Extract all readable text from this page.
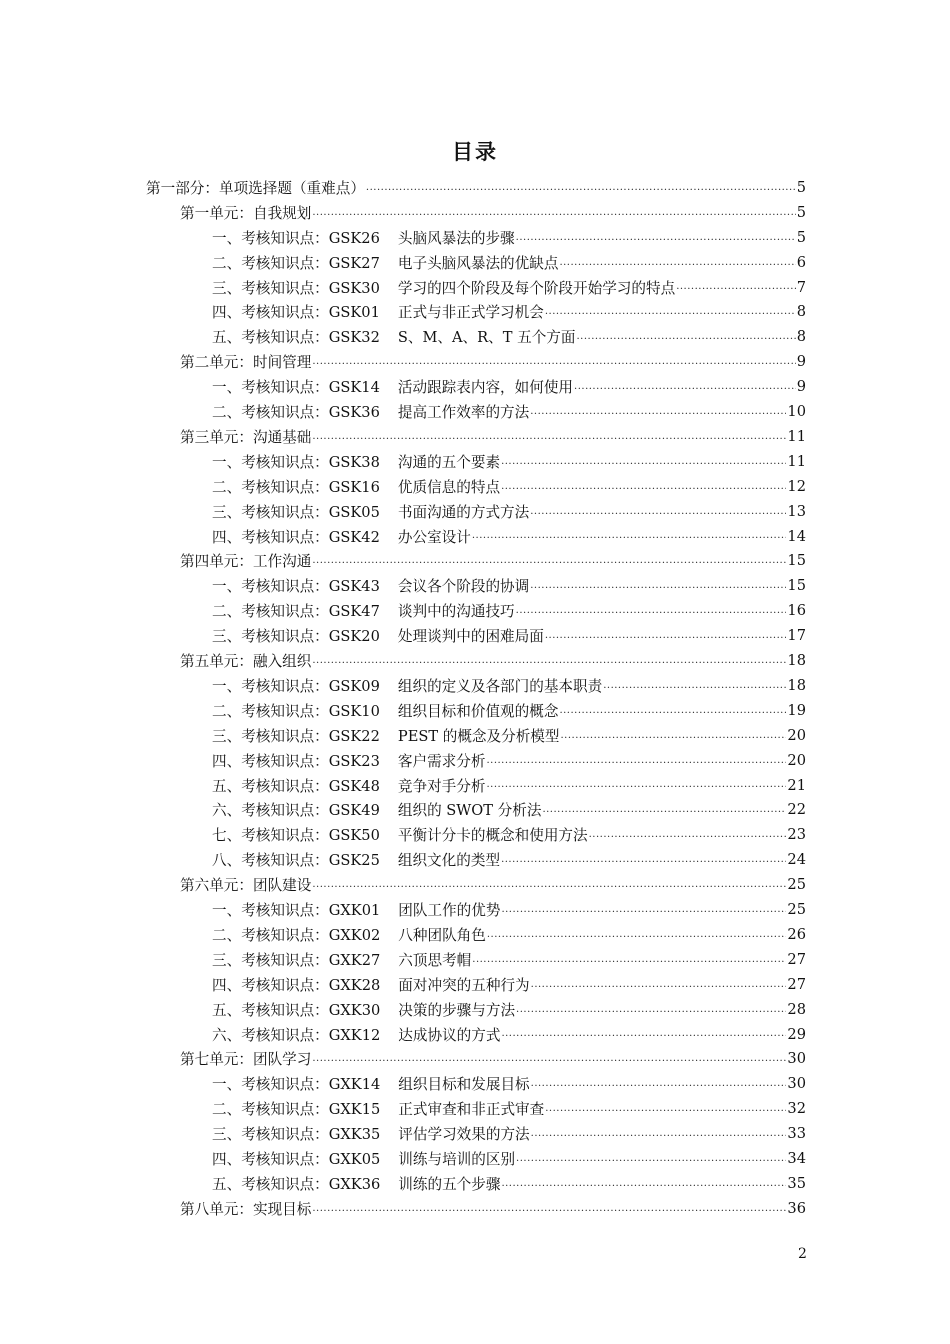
目录
第一部分：单项选择题（重难点） .....	5
第一单元：自我规划 .....	5
一、考核知识点：GSK26 头脑风暴法的步骤 .....	5
二、考核知识点：GSK27 电子头脑风暴法的优缺点 .....	6
三、考核知识点：GSK30 学习的四个阶段及每个阶段开始学习的特点 .....	7
四、考核知识点：GSK01 正式与非正式学习机会 .....	8
五、考核知识点：GSK32 S、M、A、R、T 五个方面 .....	8
第二单元：时间管理 .....	9
一、考核知识点：GSK14 活动跟踪表内容，如何使用 .....	9
二、考核知识点：GSK36 提高工作效率的方法 .....	10
第三单元：沟通基础 .....	11
一、考核知识点：GSK38 沟通的五个要素 .....	11
二、考核知识点：GSK16 优质信息的特点 .....	12
三、考核知识点：GSK05 书面沟通的方式方法 .....	13
四、考核知识点：GSK42 办公室设计 .....	14
第四单元：工作沟通 .....	15
一、考核知识点：GSK43 会议各个阶段的协调 .....	15
二、考核知识点：GSK47 谈判中的沟通技巧 .....	16
三、考核知识点：GSK20 处理谈判中的困难局面 .....	17
第五单元：融入组织 .....	18
一、考核知识点：GSK09 组织的定义及各部门的基本职责 .....	18
二、考核知识点：GSK10 组织目标和价值观的概念 .....	19
三、考核知识点：GSK22 PEST 的概念及分析模型 .....	20
四、考核知识点：GSK23 客户需求分析 .....	20
五、考核知识点：GSK48 竞争对手分析 .....	21
六、考核知识点：GSK49 组织的 SWOT 分析法 .....	22
七、考核知识点：GSK50 平衡计分卡的概念和使用方法 .....	23
八、考核知识点：GSK25 组织文化的类型 .....	24
第六单元：团队建设 .....	25
一、考核知识点：GXK01 团队工作的优势 .....	25
二、考核知识点：GXK02 八种团队角色 .....	26
三、考核知识点：GXK27 六顶思考帽 .....	27
四、考核知识点：GXK28 面对冲突的五种行为 .....	27
五、考核知识点：GXK30 决策的步骤与方法 .....	28
六、考核知识点：GXK12 达成协议的方式 .....	29
第七单元：团队学习 .....	30
一、考核知识点：GXK14 组织目标和发展目标 .....	30
二、考核知识点：GXK15 正式审查和非正式审查 .....	32
三、考核知识点：GXK35 评估学习效果的方法 .....	33
四、考核知识点：GXK05 训练与培训的区别 .....	34
五、考核知识点：GXK36 训练的五个步骤 .....	35
第八单元：实现目标 .....	36
2
